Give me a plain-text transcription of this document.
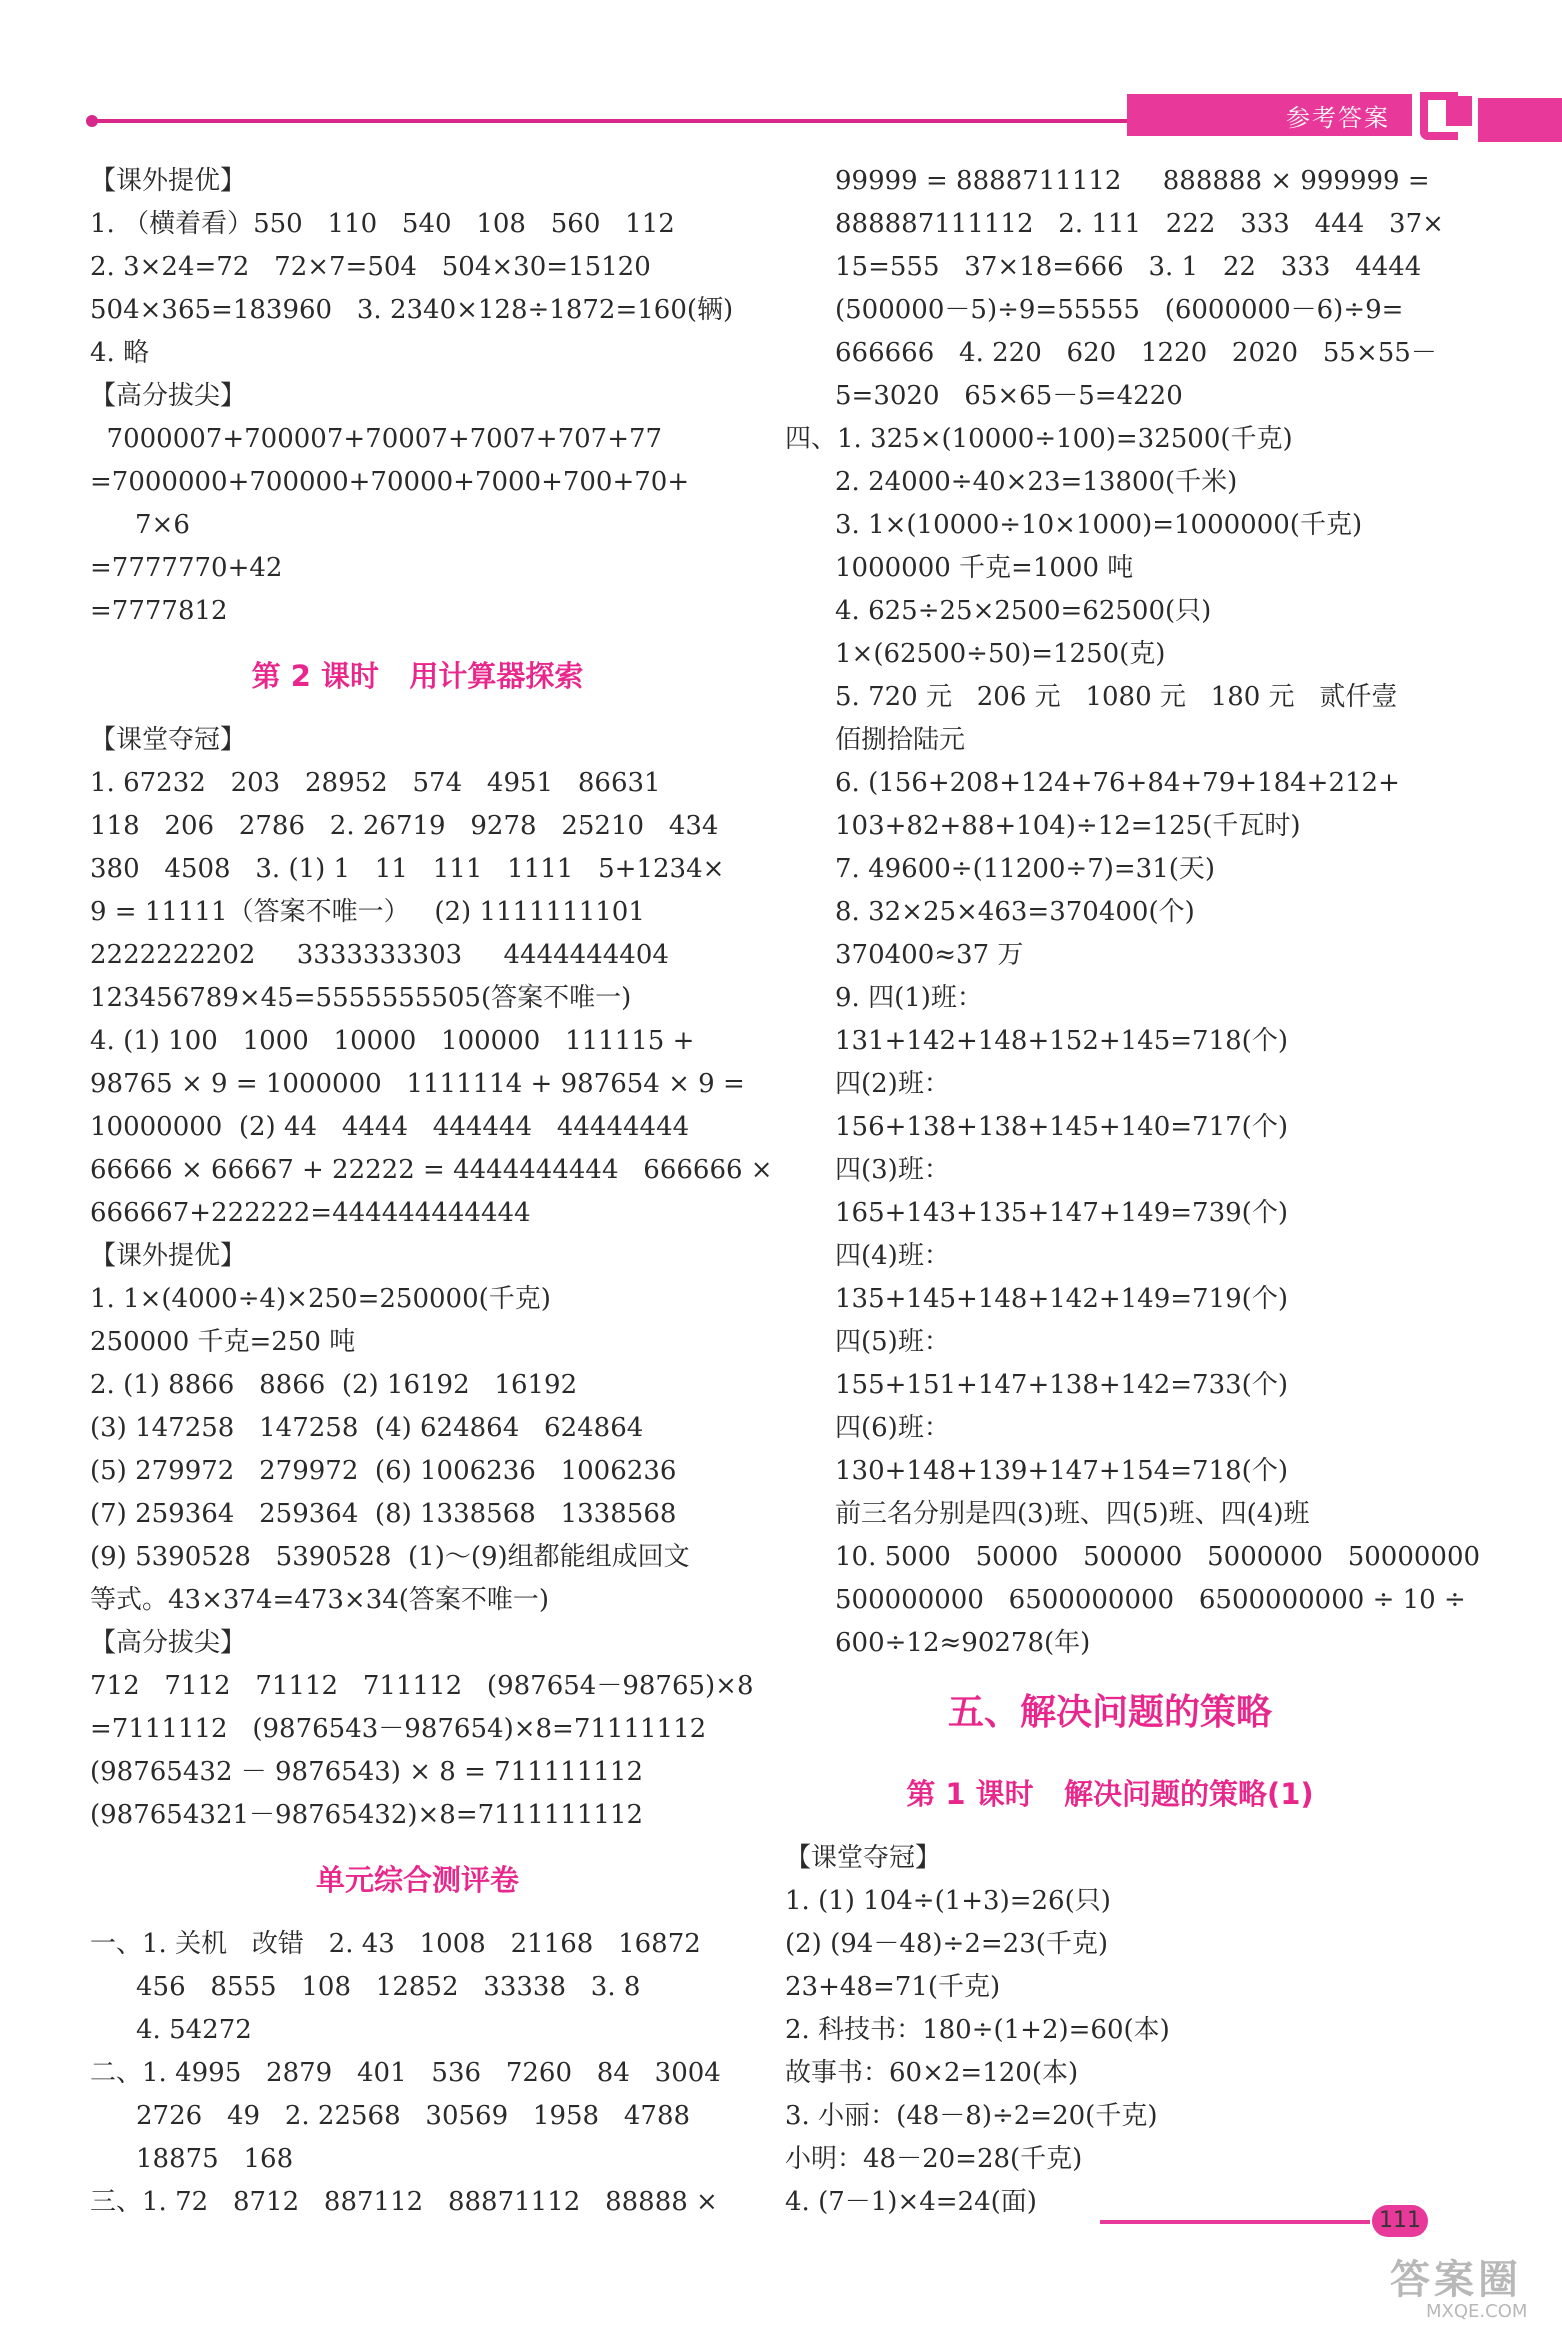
参考答案
【课外提优】
1. （横着看）550   110   540   108   560   112
2. 3×24=72   72×7=504   504×30=15120
504×365=183960   3. 2340×128÷1872=160(辆)
4. 略
【高分拔尖】
7000007+700007+70007+7007+707+77
=7000000+700000+70000+7000+700+70+
7×6
=7777770+42
=7777812
第 2 课时   用计算器探索
【课堂夺冠】
1. 67232   203   28952   574   4951   86631
118   206   2786   2. 26719   9278   25210   434
380   4508   3. (1) 1   11   111   1111   5+1234×
9 = 11111（答案不唯一）   (2) 1111111101
2222222202     3333333303     4444444404
123456789×45=5555555505(答案不唯一)
4. (1) 100   1000   10000   100000   111115 +
98765 × 9 = 1000000   1111114 + 987654 × 9 =
10000000  (2) 44   4444   444444   44444444
66666 × 66667 + 22222 = 4444444444   666666 ×
666667+222222=444444444444
【课外提优】
1. 1×(4000÷4)×250=250000(千克)
250000 千克=250 吨
2. (1) 8866   8866  (2) 16192   16192
(3) 147258   147258  (4) 624864   624864
(5) 279972   279972  (6) 1006236   1006236
(7) 259364   259364  (8) 1338568   1338568
(9) 5390528   5390528  (1)～(9)组都能组成回文
等式。43×374=473×34(答案不唯一)
【高分拔尖】
712   7112   71112   711112   (987654－98765)×8
=7111112   (9876543－987654)×8=71111112
(98765432 － 9876543) × 8 = 711111112
(987654321－98765432)×8=7111111112
单元综合测评卷
一、1. 关机   改错   2. 43   1008   21168   16872
456   8555   108   12852   33338   3. 8
4. 54272
二、1. 4995   2879   401   536   7260   84   3004
2726   49   2. 22568   30569   1958   4788
18875   168
三、1. 72   8712   887112   88871112   88888 ×
99999 = 8888711112     888888 × 999999 =
888887111112   2. 111   222   333   444   37×
15=555   37×18=666   3. 1   22   333   4444
(500000－5)÷9=55555   (6000000－6)÷9=
666666   4. 220   620   1220   2020   55×55－
5=3020   65×65－5=4220
四、1. 325×(10000÷100)=32500(千克)
2. 24000÷40×23=13800(千米)
3. 1×(10000÷10×1000)=1000000(千克)
1000000 千克=1000 吨
4. 625÷25×2500=62500(只)
1×(62500÷50)=1250(克)
5. 720 元   206 元   1080 元   180 元   贰仟壹
佰捌拾陆元
6. (156+208+124+76+84+79+184+212+
103+82+88+104)÷12=125(千瓦时)
7. 49600÷(11200÷7)=31(天)
8. 32×25×463=370400(个)
370400≈37 万
9. 四(1)班：
131+142+148+152+145=718(个)
四(2)班：
156+138+138+145+140=717(个)
四(3)班：
165+143+135+147+149=739(个)
四(4)班：
135+145+148+142+149=719(个)
四(5)班：
155+151+147+138+142=733(个)
四(6)班：
130+148+139+147+154=718(个)
前三名分别是四(3)班、四(5)班、四(4)班
10. 5000   50000   500000   5000000   50000000
500000000   6500000000   6500000000 ÷ 10 ÷
600÷12≈90278(年)
五、解决问题的策略
第 1 课时   解决问题的策略(1)
【课堂夺冠】
1. (1) 104÷(1+3)=26(只)
(2) (94－48)÷2=23(千克)
23+48=71(千克)
2. 科技书：180÷(1+2)=60(本)
故事书：60×2=120(本)
3. 小丽：(48－8)÷2=20(千克)
小明：48－20=28(千克)
4. (7－1)×4=24(面)
111
答案圈
MXQE.COM
